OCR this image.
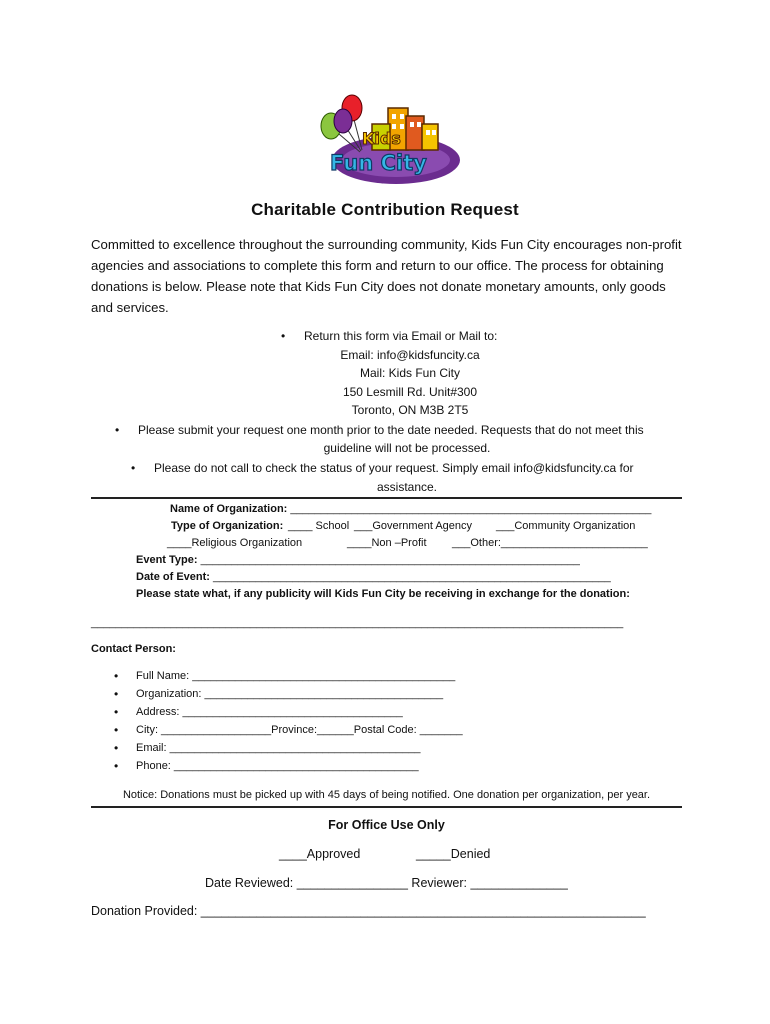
Kids
Fun City
Charitable Contribution Request
Committed to excellence throughout the surrounding community, Kids Fun City encourages non-profit agencies and associations to complete this form and return to our office. The process for obtaining donations is below. Please note that Kids Fun City does not donate monetary amounts, only goods and services.
• Return this form via Email or Mail to:
Email: info@kidsfuncity.ca
Mail: Kids Fun City
150 Lesmill Rd. Unit#300
Toronto, ON M3B 2T5
• Please submit your request one month prior to the date needed. Requests that do not meet this
guideline will not be processed.
• Please do not call to check the status of your request. Simply email info@kidsfuncity.ca for
assistance.
Name of Organization: ___________________________________________________________
Type of Organization: ____ School ___Government Agency ___Community Organization
____Religious Organization	____Non –Profit ___Other:________________________
Event Type: ______________________________________________________________
Date of Event: _________________________________________________________________
Please state what, if any publicity will Kids Fun City be receiving in exchange for the donation:
_______________________________________________________________________________________
Contact Person:
• Full Name: ___________________________________________
• Organization: _______________________________________
• Address: ____________________________________
• City: __________________Province:______Postal Code: _______
• Email: _________________________________________
• Phone: ________________________________________
Notice: Donations must be picked up with 45 days of being notified. One donation per organization, per year.
For Office Use Only
____Approved	_____Denied
Date Reviewed: ________________ Reviewer: ______________
Donation Provided: ________________________________________________________________
